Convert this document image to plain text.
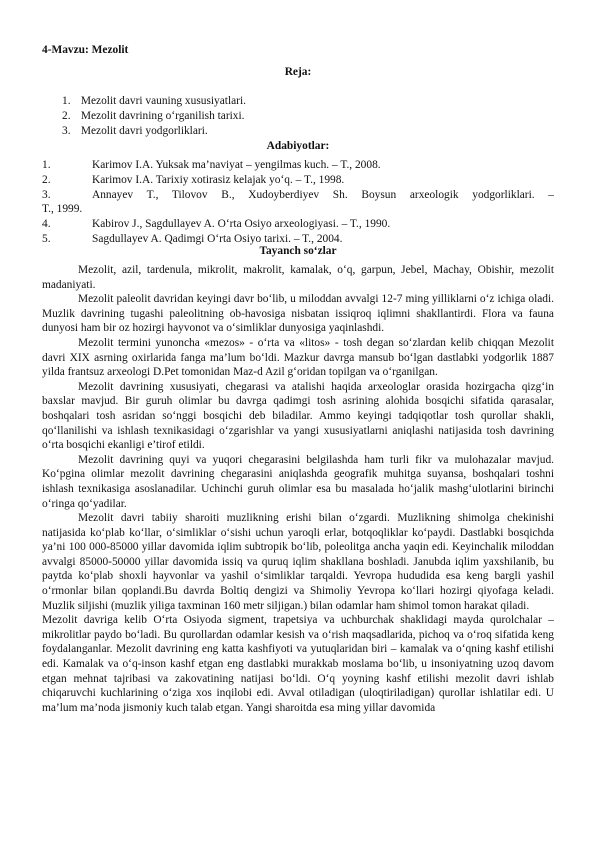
4-Mavzu: Mezolit
Reja:
1. Mezolit davri vauning xususiyatlari.
2. Mezolit davrining o‘rganilish tarixi.
3. Mezolit davri yodgorliklari.
Adabiyotlar:
1.	Karimov I.A. Yuksak ma’naviyat – yengilmas kuch. – T., 2008.
2.	Karimov I.A. Tarixiy xotirasiz kelajak yo‘q. – T., 1998.
3.	Annayev T., Tilovov B., Xudoyberdiyev Sh. Boysun arxeologik yodgorliklari. –
T., 1999.
4.	Kabirov J., Sagdullayev A. O‘rta Osiyo arxeologiyasi. – T., 1990.
5.	Sagdullayev A. Qadimgi O‘rta Osiyo tarixi. – T., 2004.
Tayanch so‘zlar

Mezolit, azil, tardenula, mikrolit, makrolit, kamalak, o‘q, garpun, Jebel, Machay, Obishir, mezolit madaniyati.

Mezolit paleolit davridan keyingi davr bo‘lib, u miloddan avvalgi 12-7 ming yilliklarni o‘z ichiga oladi. Muzlik davrining tugashi paleolitning ob-havosiga nisbatan issiqroq iqlimni shakllantirdi. Flora va fauna dunyosi ham bir oz hozirgi hayvonot va o‘simliklar dunyosiga yaqinlashdi.

Mezolit termini yunoncha «mezos» - o‘rta va «litos» - tosh degan so‘zlardan kelib chiqqan Mezolit davri XIX asrning oxirlarida fanga ma’lum bo‘ldi. Mazkur davrga mansub bo‘lgan dastlabki yodgorlik 1887 yilda frantsuz arxeologi D.Pet tomonidan Maz-d Azil g‘oridan topilgan va o‘rganilgan.

Mezolit davrining xususiyati, chegarasi va atalishi haqida arxeologlar orasida hozirgacha qizg‘in baxslar mavjud. Bir guruh olimlar bu davrga qadimgi tosh asrining alohida bosqichi sifatida qarasalar, boshqalari tosh asridan so‘nggi bosqichi deb biladilar. Ammo keyingi tadqiqotlar tosh qurollar shakli, qo‘llanilishi va ishlash texnikasidagi o‘zgarishlar va yangi xususiyatlarni aniqlashi natijasida tosh davrining o‘rta bosqichi ekanligi e’tirof etildi.

Mezolit davrining quyi va yuqori chegarasini belgilashda ham turli fikr va mulohazalar mavjud. Ko‘pgina olimlar mezolit davrining chegarasini aniqlashda geografik muhitga suyansa, boshqalari toshni ishlash texnikasiga asoslanadilar. Uchinchi guruh olimlar esa bu masalada ho‘jalik mashg‘ulotlarini birinchi o‘ringa qo‘yadilar.

Mezolit davri tabiiy sharoiti muzlikning erishi bilan o‘zgardi. Muzlikning shimolga chekinishi natijasida ko‘plab ko‘llar, o‘simliklar o‘sishi uchun yaroqli erlar, botqoqliklar ko‘paydi. Dastlabki bosqichda ya’ni 100 000-85000 yillar davomida iqlim subtropik bo‘lib, poleolitga ancha yaqin edi. Keyinchalik miloddan avvalgi 85000-50000 yillar davomida issiq va quruq iqlim shakllana boshladi. Janubda iqlim yaxshilanib, bu paytda ko‘plab shoxli hayvonlar va yashil o‘simliklar tarqaldi. Yevropa hududida esa keng bargli yashil o‘rmonlar bilan qoplandi.Bu davrda Boltiq dengizi va Shimoliy Yevropa ko‘llari hozirgi qiyofaga keladi. Muzlik siljishi (muzlik yiliga taxminan 160 metr siljigan.) bilan odamlar ham shimol tomon harakat qiladi.

Mezolit davriga kelib O‘rta Osiyoda sigment, trapetsiya va uchburchak shaklidagi mayda qurolchalar – mikrolitlar paydo bo‘ladi. Bu qurollardan odamlar kesish va o‘rish maqsadlarida, pichoq va o‘roq sifatida keng foydalanganlar. Mezolit davrining eng katta kashfiyoti va yutuqlaridan biri – kamalak va o‘qning kashf etilishi edi. Kamalak va o‘q-inson kashf etgan eng dastlabki murakkab moslama bo‘lib, u insoniyatning uzoq davom etgan mehnat tajribasi va zakovatining natijasi bo‘ldi. O‘q yoyning kashf etilishi mezolit davri ishlab chiqaruvchi kuchlarining o‘ziga xos inqilobi edi. Avval otiladigan (uloqtiriladigan) qurollar ishlatilar edi. U ma’lum ma’noda jismoniy kuch talab etgan. Yangi sharoitda esa ming yillar davomida
